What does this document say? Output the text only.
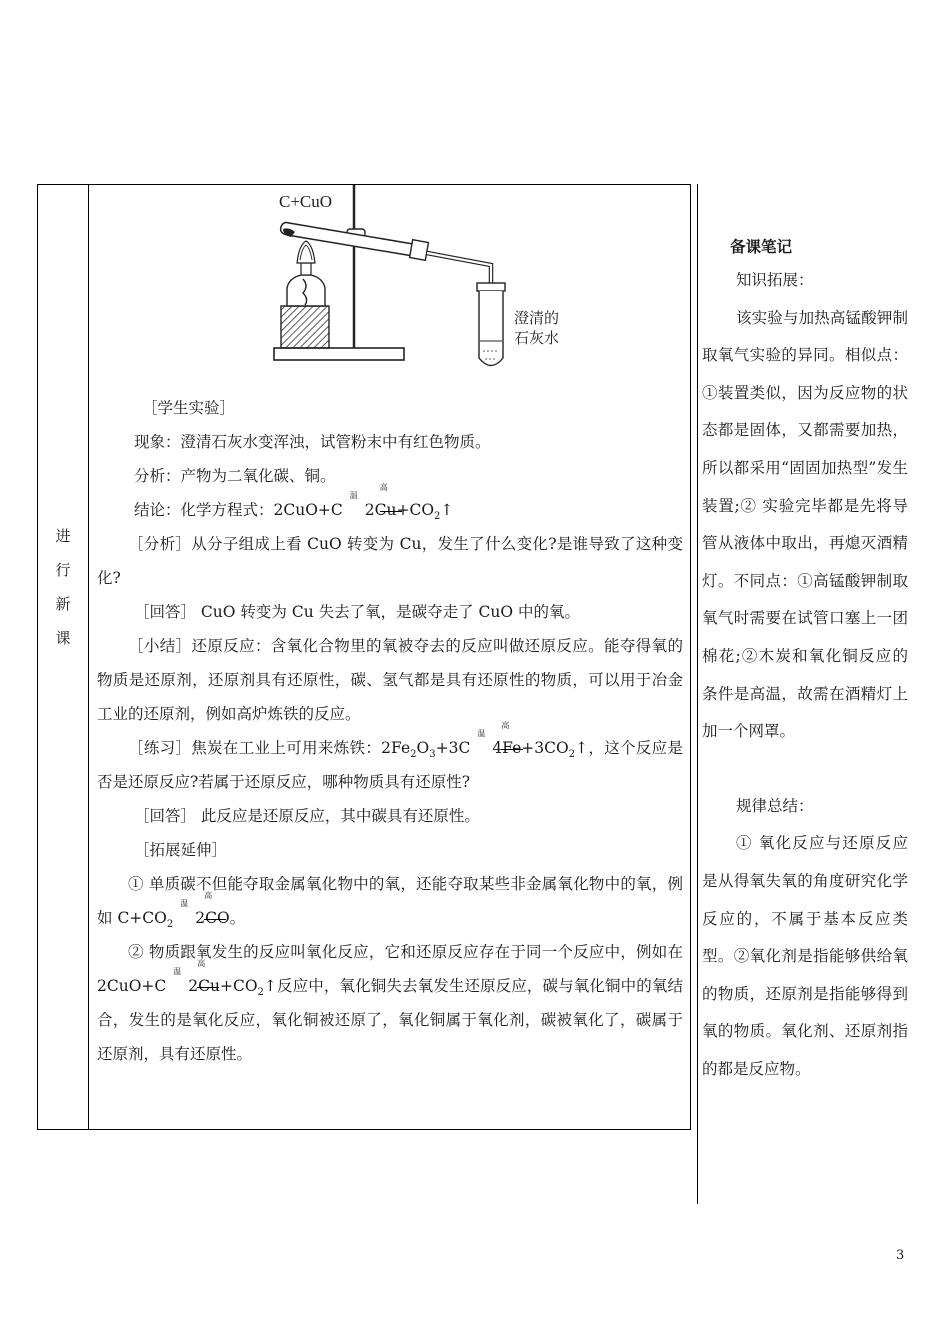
进
行
新
课
C+CuO
澄清的
石灰水

［学生实验］

现象：澄清石灰水变浑浊，试管粉末中有红色物质。

分析：产物为二氧化碳、铜。

结论：化学方程式：2CuO+C
高温
$2Cu+CO_2↑$

［分析］从分子组成上看 CuO 转变为 Cu，发生了什么变化?是谁导致了这种变化?

［回答］ CuO 转变为 Cu 失去了氧，是碳夺走了 CuO 中的氧。

［小结］还原反应：含氧化合物里的氧被夺去的反应叫做还原反应。能夺得氧的物质是还原剂，还原剂具有还原性，碳、氢气都是具有还原性的物质，可以用于冶金工业的还原剂，例如高炉炼铁的反应。

［练习］焦炭在工业上可用来炼铁：$2Fe_2O_3+3C$
高温
$4Fe+3CO_2↑$，这个反应是否是还原反应?若属于还原反应，哪种物质具有还原性?

［回答］ 此反应是还原反应，其中碳具有还原性。

［拓展延伸］

① 单质碳不但能夺取金属氧化物中的氧，还能夺取某些非金属氧化物中的氧，例如 $C+CO_2$
高温
2CO。

② 物质跟氧发生的反应叫氧化反应，它和还原反应存在于同一个反应中，例如在 2CuO+C
高温
$2Cu+CO_2↑$反应中，氧化铜失去氧发生还原反应，碳与氧化铜中的氧结合，发生的是氧化反应，氧化铜被还原了，氧化铜属于氧化剂，碳被氧化了，碳属于还原剂，具有还原性。

备课笔记

知识拓展：

该实验与加热高锰酸钾制取氧气实验的异同。相似点：①装置类似，因为反应物的状态都是固体，又都需要加热，所以都采用“固固加热型”发生装置;② 实验完毕都是先将导管从液体中取出，再熄灭酒精灯。不同点：①高锰酸钾制取氧气时需要在试管口塞上一团棉花;②木炭和氧化铜反应的条件是高温，故需在酒精灯上加一个网罩。

规律总结：

① 氧化反应与还原反应是从得氧失氧的角度研究化学反应的，不属于基本反应类型。②氧化剂是指能够供给氧的物质，还原剂是指能够得到氧的物质。氧化剂、还原剂指的都是反应物。

3
